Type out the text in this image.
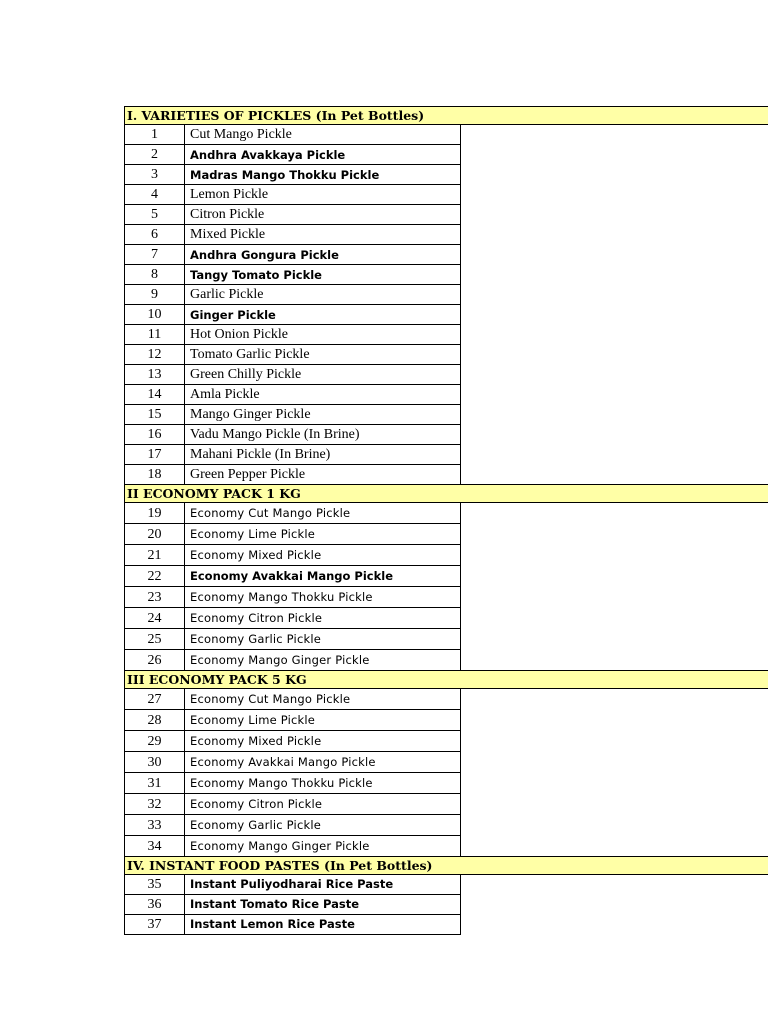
I. VARIETIES OF PICKLES (In Pet Bottles)
1	Cut Mango Pickle
2	Andhra Avakkaya Pickle
3	Madras Mango Thokku Pickle
4	Lemon Pickle
5	Citron Pickle
6	Mixed Pickle
7	Andhra Gongura Pickle
8	Tangy Tomato Pickle
9	Garlic Pickle
10	Ginger Pickle
11	Hot Onion Pickle
12	Tomato Garlic Pickle
13	Green Chilly Pickle
14	Amla Pickle
15	Mango Ginger Pickle
16	Vadu Mango Pickle (In Brine)
17	Mahani Pickle (In Brine)
18	Green Pepper Pickle
II ECONOMY PACK 1 KG
19	Economy Cut Mango Pickle
20	Economy Lime Pickle
21	Economy Mixed Pickle
22	Economy Avakkai Mango Pickle
23	Economy Mango Thokku Pickle
24	Economy Citron Pickle
25	Economy Garlic Pickle
26	Economy Mango Ginger Pickle
III ECONOMY PACK 5 KG
27	Economy Cut Mango Pickle
28	Economy Lime Pickle
29	Economy Mixed Pickle
30	Economy Avakkai Mango Pickle
31	Economy Mango Thokku Pickle
32	Economy Citron Pickle
33	Economy Garlic Pickle
34	Economy Mango Ginger Pickle
IV. INSTANT FOOD PASTES (In Pet Bottles)
35	Instant Puliyodharai Rice Paste
36	Instant Tomato Rice Paste
37	Instant Lemon Rice Paste
